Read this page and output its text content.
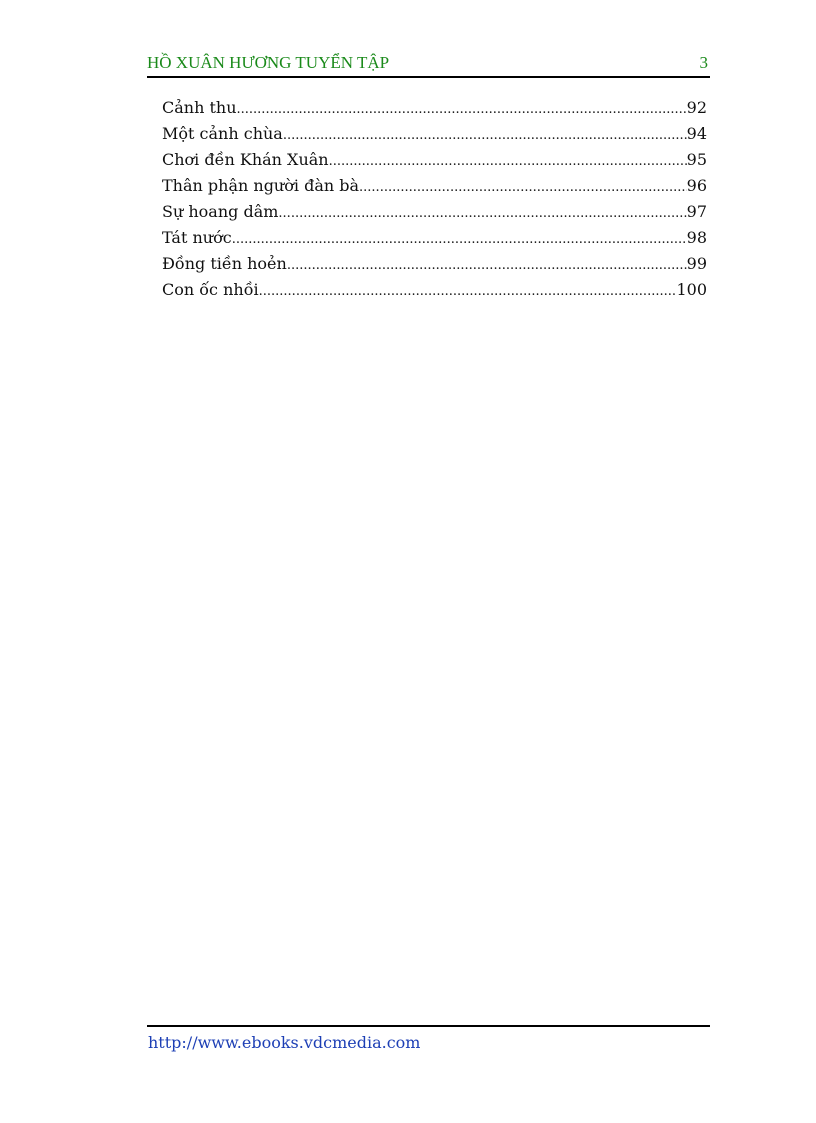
HỒ XUÂN HƯƠNG TUYỂN TẬP	3
Cảnh thu .....	92
Một cảnh chùa .....	94
Chơi đền Khán Xuân .....	95
Thân phận người đàn bà .....	96
Sự hoang dâm .....	97
Tát nước .....	98
Đồng tiền hoẻn .....	99
Con ốc nhồi .....	100
http://www.ebooks.vdcmedia.com
